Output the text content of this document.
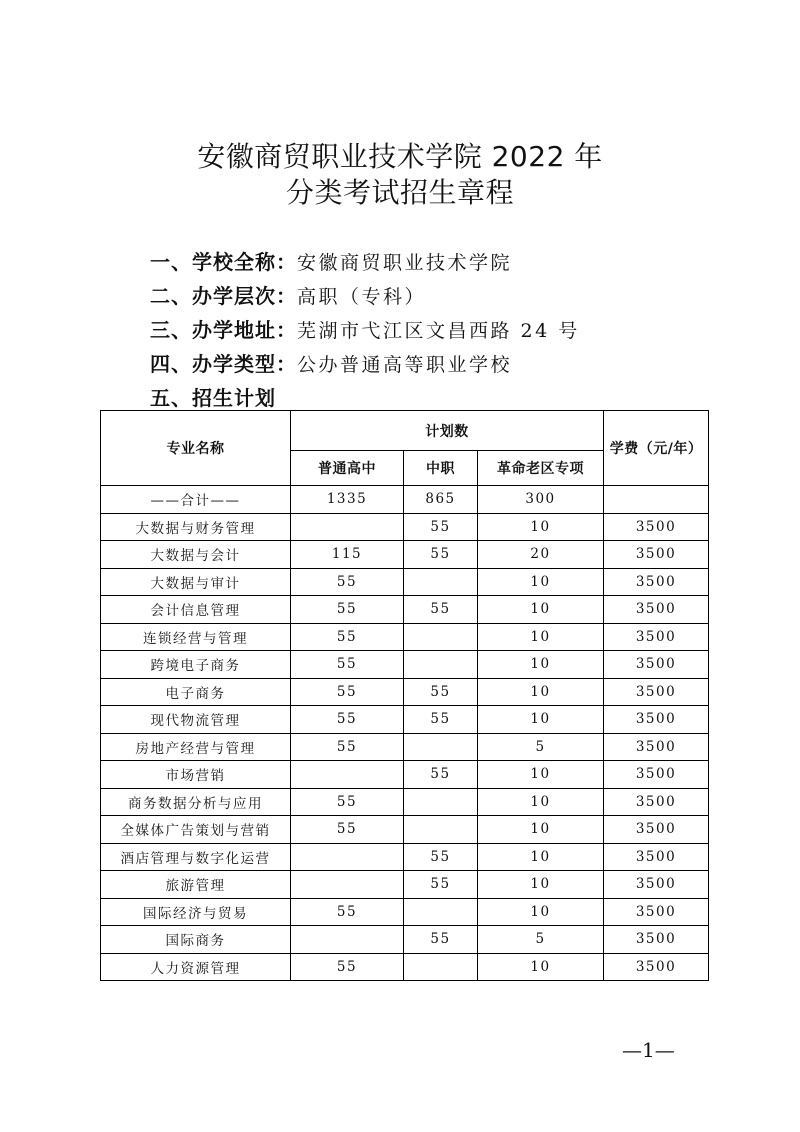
安徽商贸职业技术学院 2022 年
分类考试招生章程
一、学校全称：安徽商贸职业技术学院
二、办学层次：高职（专科）
三、办学地址：芜湖市弋江区文昌西路 24 号
四、办学类型：公办普通高等职业学校
五、招生计划
专业名称	计划数			学费（元/年）
	普通高中	中职	革命老区专项	
——合计——	1335	865	300	
大数据与财务管理		55	10	3500
大数据与会计	115	55	20	3500
大数据与审计	55		10	3500
会计信息管理	55	55	10	3500
连锁经营与管理	55		10	3500
跨境电子商务	55		10	3500
电子商务	55	55	10	3500
现代物流管理	55	55	10	3500
房地产经营与管理	55		5	3500
市场营销		55	10	3500
商务数据分析与应用	55		10	3500
全媒体广告策划与营销	55		10	3500
酒店管理与数字化运营		55	10	3500
旅游管理		55	10	3500
国际经济与贸易	55		10	3500
国际商务		55	5	3500
人力资源管理	55		10	3500
—1—
